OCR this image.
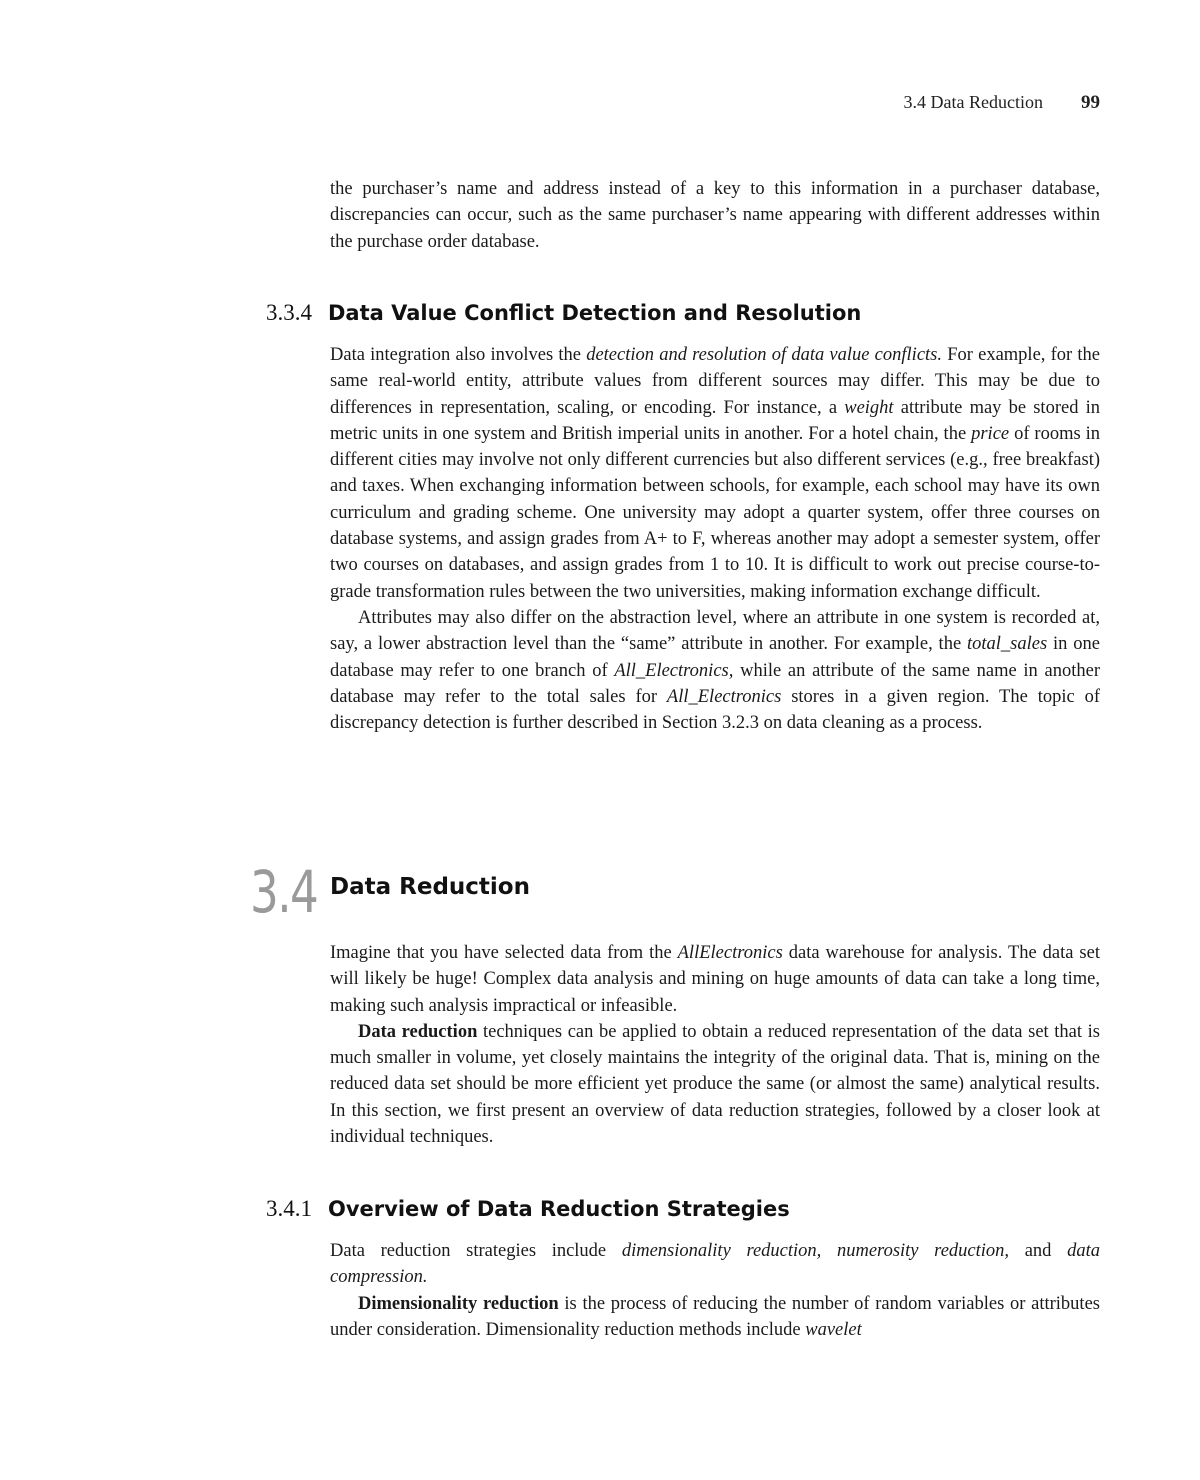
3.4 Data Reduction 99

the purchaser’s name and address instead of a key to this information in a purchaser database, discrepancies can occur, such as the same purchaser’s name appearing with different addresses within the purchase order database.

3.3.4 Data Value Conflict Detection and Resolution

Data integration also involves the detection and resolution of data value conflicts. For example, for the same real-world entity, attribute values from different sources may differ. This may be due to differences in representation, scaling, or encoding. For instance, a weight attribute may be stored in metric units in one system and British imperial units in another. For a hotel chain, the price of rooms in different cities may involve not only different currencies but also different services (e.g., free breakfast) and taxes. When exchanging information between schools, for example, each school may have its own curriculum and grading scheme. One university may adopt a quarter system, offer three courses on database systems, and assign grades from A+ to F, whereas another may adopt a semester system, offer two courses on databases, and assign grades from 1 to 10. It is difficult to work out precise course-to-grade transformation rules between the two universities, making information exchange difficult.

Attributes may also differ on the abstraction level, where an attribute in one system is recorded at, say, a lower abstraction level than the “same” attribute in another. For example, the total_sales in one database may refer to one branch of All_Electronics, while an attribute of the same name in another database may refer to the total sales for All_Electronics stores in a given region. The topic of discrepancy detection is further described in Section 3.2.3 on data cleaning as a process.

3.4 Data Reduction

Imagine that you have selected data from the AllElectronics data warehouse for analysis. The data set will likely be huge! Complex data analysis and mining on huge amounts of data can take a long time, making such analysis impractical or infeasible.

Data reduction techniques can be applied to obtain a reduced representation of the data set that is much smaller in volume, yet closely maintains the integrity of the original data. That is, mining on the reduced data set should be more efficient yet produce the same (or almost the same) analytical results. In this section, we first present an overview of data reduction strategies, followed by a closer look at individual techniques.

3.4.1 Overview of Data Reduction Strategies

Data reduction strategies include dimensionality reduction, numerosity reduction, and data compression.

Dimensionality reduction is the process of reducing the number of random variables or attributes under consideration. Dimensionality reduction methods include wavelet
